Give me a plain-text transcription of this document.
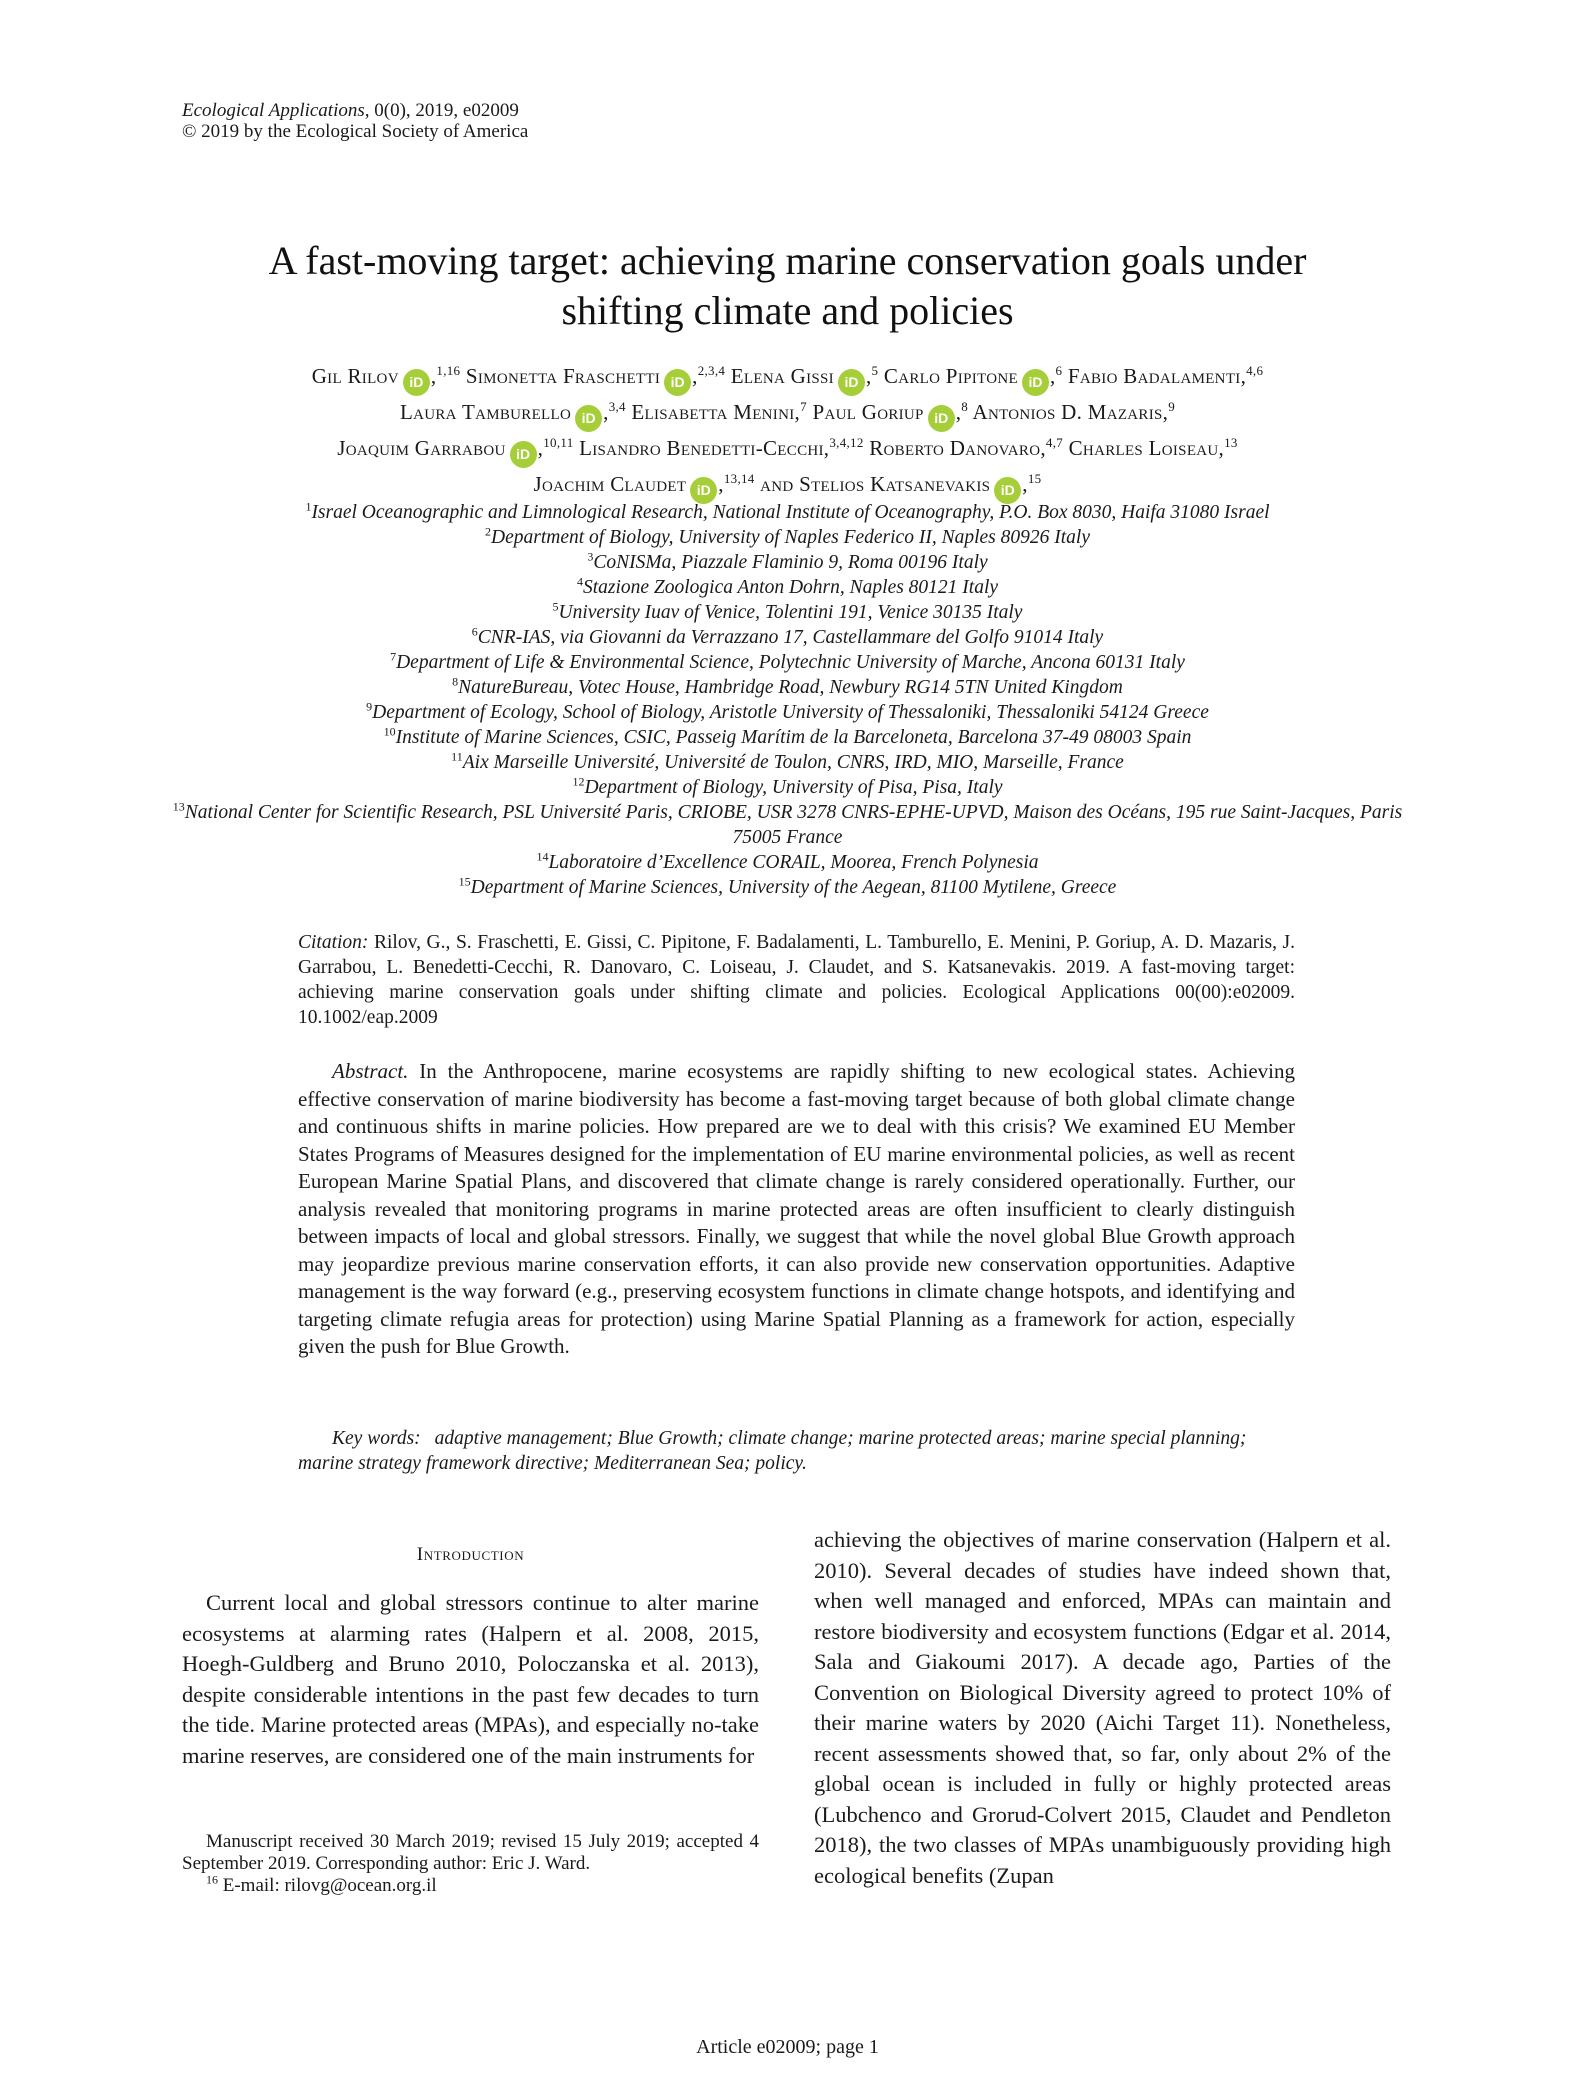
Ecological Applications, 0(0), 2019, e02009
© 2019 by the Ecological Society of America
A fast-moving target: achieving marine conservation goals under
shifting climate and policies
Gil Rilov iD ,$^{1,16}$ Simonetta Fraschetti iD ,$^{2,3,4}$ Elena Gissi iD ,$^5$ Carlo Pipitone iD ,$^6$ Fabio Badalamenti,$^{4,6}$
Laura Tamburello iD ,$^{3,4}$ Elisabetta Menini,$^7$ Paul Goriup iD ,$^8$ Antonios D. Mazaris,$^9$
Joaquim Garrabou iD ,$^{10,11}$ Lisandro Benedetti-Cecchi,$^{3,4,12}$ Roberto Danovaro,$^{4,7}$ Charles Loiseau,$^{13}$
Joachim Claudet iD ,$^{13,14}$ and Stelios Katsanevakis iD ,$^{15}$
$^1$Israel Oceanographic and Limnological Research, National Institute of Oceanography, P.O. Box 8030, Haifa 31080 Israel
$^2$Department of Biology, University of Naples Federico II, Naples 80926 Italy
$^3$CoNISMa, Piazzale Flaminio 9, Roma 00196 Italy
$^4$Stazione Zoologica Anton Dohrn, Naples 80121 Italy
$^5$University Iuav of Venice, Tolentini 191, Venice 30135 Italy
$^6$CNR-IAS, via Giovanni da Verrazzano 17, Castellammare del Golfo 91014 Italy
$^7$Department of Life & Environmental Science, Polytechnic University of Marche, Ancona 60131 Italy
$^8$NatureBureau, Votec House, Hambridge Road, Newbury RG14 5TN United Kingdom
$^9$Department of Ecology, School of Biology, Aristotle University of Thessaloniki, Thessaloniki 54124 Greece
$^{10}$Institute of Marine Sciences, CSIC, Passeig Marítim de la Barceloneta, Barcelona 37-49 08003 Spain
$^{11}$Aix Marseille Université, Université de Toulon, CNRS, IRD, MIO, Marseille, France
$^{12}$Department of Biology, University of Pisa, Pisa, Italy
$^{13}$National Center for Scientific Research, PSL Université Paris, CRIOBE, USR 3278 CNRS-EPHE-UPVD, Maison des Océans, 195 rue Saint-Jacques, Paris 75005 France
$^{14}$Laboratoire d’Excellence CORAIL, Moorea, French Polynesia
$^{15}$Department of Marine Sciences, University of the Aegean, 81100 Mytilene, Greece
Citation: Rilov, G., S. Fraschetti, E. Gissi, C. Pipitone, F. Badalamenti, L. Tamburello, E. Menini, P. Goriup, A. D. Mazaris, J. Garrabou, L. Benedetti-Cecchi, R. Danovaro, C. Loiseau, J. Claudet, and S. Katsanevakis. 2019. A fast-moving target: achieving marine conservation goals under shifting climate and policies. Ecological Applications 00(00):e02009. 10.1002/eap.2009
Abstract. In the Anthropocene, marine ecosystems are rapidly shifting to new ecological states. Achieving effective conservation of marine biodiversity has become a fast-moving target because of both global climate change and continuous shifts in marine policies. How prepared are we to deal with this crisis? We examined EU Member States Programs of Measures designed for the implementation of EU marine environmental policies, as well as recent European Marine Spatial Plans, and discovered that climate change is rarely considered operationally. Further, our analysis revealed that monitoring programs in marine protected areas are often insufficient to clearly distinguish between impacts of local and global stressors. Finally, we suggest that while the novel global Blue Growth approach may jeopardize previous marine conservation efforts, it can also provide new conservation opportunities. Adaptive management is the way forward (e.g., preserving ecosystem functions in climate change hotspots, and identifying and targeting climate refugia areas for protection) using Marine Spatial Planning as a framework for action, especially given the push for Blue Growth.
Key words: adaptive management; Blue Growth; climate change; marine protected areas; marine special planning; marine strategy framework directive; Mediterranean Sea; policy.
Introduction

Current local and global stressors continue to alter marine ecosystems at alarming rates (Halpern et al. 2008, 2015, Hoegh-Guldberg and Bruno 2010, Poloczanska et al. 2013), despite considerable intentions in the past few decades to turn the tide. Marine protected areas (MPAs), and especially no-take marine reserves, are considered one of the main instruments for

achieving the objectives of marine conservation (Halpern et al. 2010). Several decades of studies have indeed shown that, when well managed and enforced, MPAs can maintain and restore biodiversity and ecosystem functions (Edgar et al. 2014, Sala and Giakoumi 2017). A decade ago, Parties of the Convention on Biological Diversity agreed to protect 10% of their marine waters by 2020 (Aichi Target 11). Nonetheless, recent assessments showed that, so far, only about 2% of the global ocean is included in fully or highly protected areas (Lubchenco and Grorud-Colvert 2015, Claudet and Pendleton 2018), the two classes of MPAs unambiguously providing high ecological benefits (Zupan

Manuscript received 30 March 2019; revised 15 July 2019; accepted 4 September 2019. Corresponding author: Eric J. Ward.

$^{16}$ E-mail: rilovg@ocean.org.il

Article e02009; page 1
